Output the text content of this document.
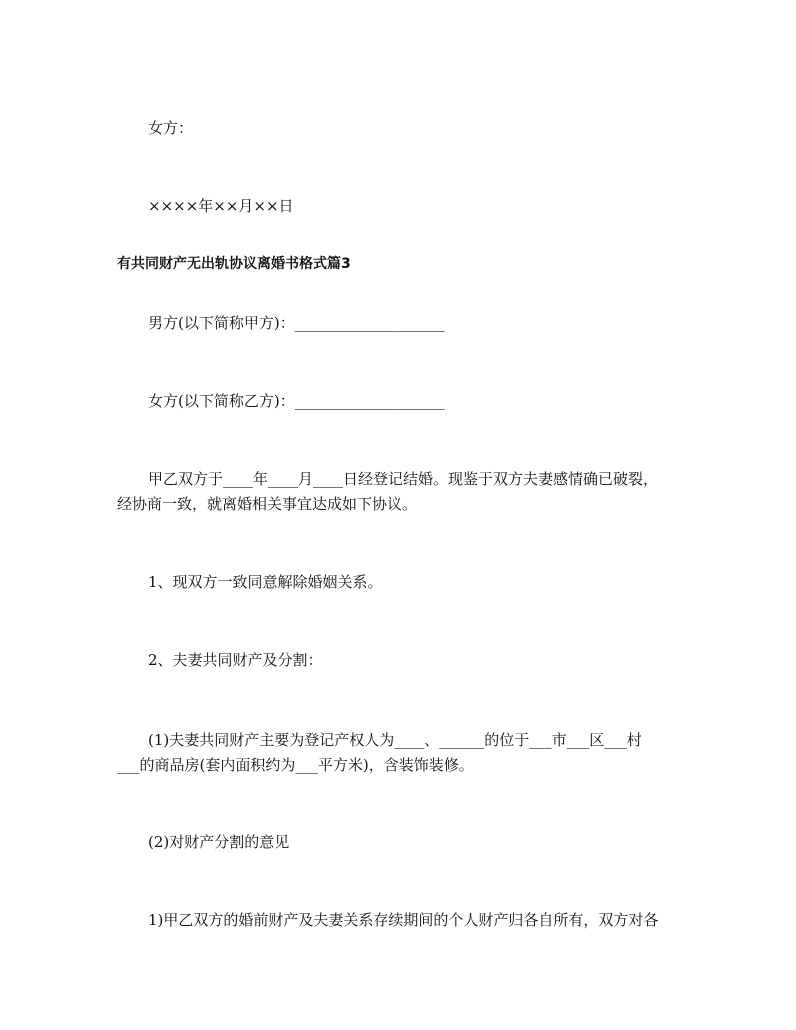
女方：
××××年××月××日
有共同财产无出轨协议离婚书格式篇3
男方(以下简称甲方)：____________________
女方(以下简称乙方)：____________________
甲乙双方于____年____月____日经登记结婚。现鉴于双方夫妻感情确已破裂，
经协商一致，就离婚相关事宜达成如下协议。
1、现双方一致同意解除婚姻关系。
2、夫妻共同财产及分割：
(1)夫妻共同财产主要为登记产权人为____、______的位于___市___区___村
___的商品房(套内面积约为___平方米)，含装饰装修。
(2)对财产分割的意见
1)甲乙双方的婚前财产及夫妻关系存续期间的个人财产归各自所有，双方对各
